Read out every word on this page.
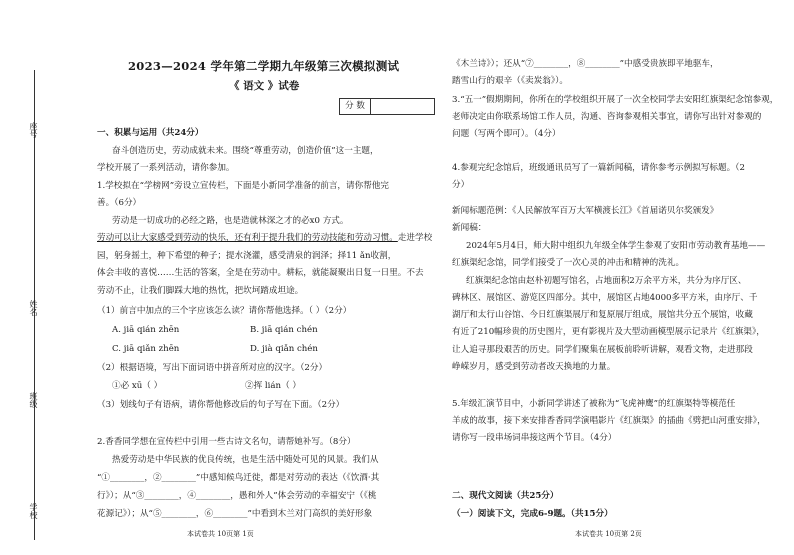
座号
姓名
班级
学校
2023—2024 学年第二学期九年级第三次模拟测试
《 语文 》试卷
分 数
一、积累与运用（共24分）
奋斗创造历史，劳动成就未来。围绕“尊重劳动，创造价值”这一主题，
学校开展了一系列活动，请你参加。
1.学校拟在“学榜网”旁设立宣传栏，下面是小新同学准备的前言，请你帮他完
善。（6分）
劳动是一切成功的必经之路，也是造就林深之才的必x0 方式。
劳动可以让大家感受到劳动的快乐，还有利于提升我们的劳动技能和劳动习惯。走进学校
园，躬身摇土，种下希望的种子；提水浇灌，感受清泉的润泽；择11 ǎn收割，
体会丰收的喜悦……生活的答案，全是在劳动中。耕耘，就能凝聚出日复一日里。不去
劳动不止，让我们脚踩大地的热忱，把坎坷踏成坦途。
（1）前言中加点的三个字应该怎么读？请你帮他选择。（ ）（2分）
A. jiā qián zhēn	B. jiā qián chén
C. jiā qiǎn zhēn	D. jià qiǎn chén
（2）根据语境，写出下面词语中拼音所对应的汉字。（2分）
①必 xū（ ）	②挥 lián（ ）
（3）划线句子有语病，请你帮他修改后的句子写在下面。（2分）
2.香香同学想在宣传栏中引用一些古诗文名句，请帮她补写。（8分）
热爱劳动是中华民族的优良传统，也是生活中随处可见的风景。我们从
“①________，②________”中感知候鸟迁徙，都是对劳动的表达（《饮酒·其
行》）；从“③________，④________，愚和外人”体会劳动的幸福安宁（《桃
花源记》）；从“⑤________，⑥________”中看到木兰对门高织的美好形象
本试卷共 10页第 1页
《木兰诗》）；还从“⑦________，⑧________”中感受贵族即平地驱车，
踏雪山行的艰辛（《卖炭翁》）。
3.“五一”假期期间，你所在的学校组织开展了一次全校同学去安阳红旗渠纪念馆参观，
老师决定由你联系场馆工作人员，沟通、咨询参观相关事宜，请你写出针对参观的
问题（写两个即可）。（4分）
4.参观完纪念馆后，班级通讯员写了一篇新闻稿，请你参考示例拟写标题。（2
分）
新闻标题范例：《人民解放军百万大军横渡长江》《首届诺贝尔奖颁发》
新闻稿：
2024年5月4日，师大附中组织九年级全体学生参观了安阳市劳动教育基地——
红旗渠纪念馆，同学们接受了一次心灵的冲击和精神的洗礼。
红旗渠纪念馆由赵朴初题写馆名，占地面积2万余平方米，共分为序厅区、
碑林区、展馆区、游览区四部分。其中，展馆区占地4000多平方米，由序厅、千
湖厅和太行山谷馆、今日红旗渠展厅和复原展厅组成，展馆共分五个展馆，收藏
有近了210幅珍贵的历史图片，更有影视片及大型动画模型展示记录片《红旗渠》，
让人追寻那段艰苦的历史。同学们聚集在展板前聆听讲解，观看文物，走进那段
峥嵘岁月，感受到劳动者改天换地的力量。
5.年级汇演节目中，小新同学讲述了被称为“飞虎神鹰”的红旗渠特等模范任
羊成的故事，接下来安排香香同学演唱影片《红旗渠》的插曲《劈把山河重安排》，
请你写一段串场词串接这两个节目。（4分）
二、现代文阅读（共25分）
（一）阅读下文，完成6-9题。（共15分）
本试卷共 10页第 2页
